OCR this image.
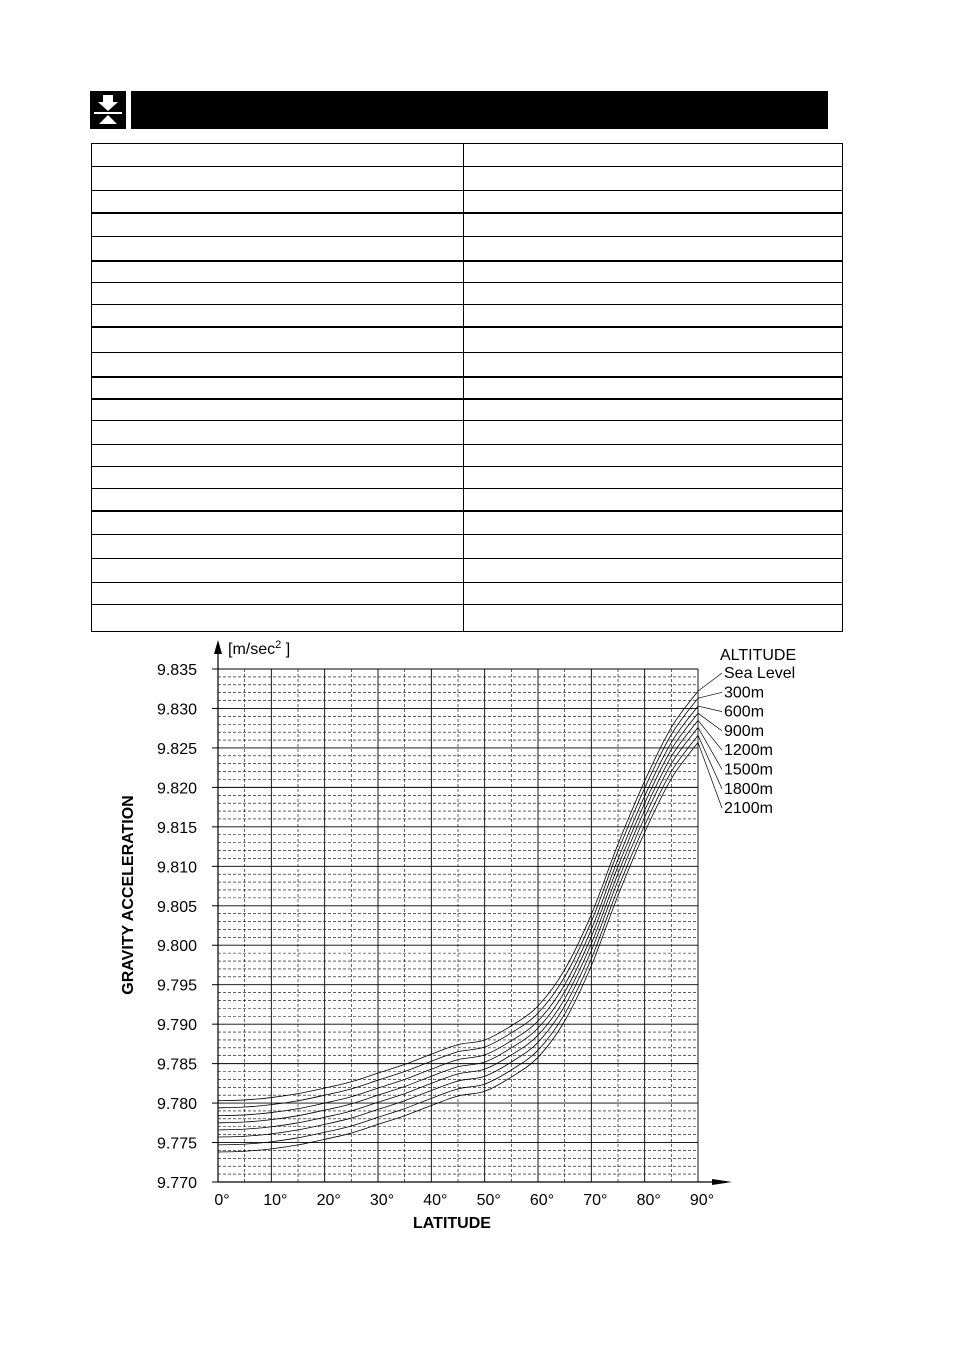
9.835
9.830
9.825
9.820
9.815
9.810
9.805
9.800
9.795
9.790
9.785
9.780
9.775
9.770
0° 10° 20° 30° 40° 50° 60° 70° 80° 90°
Sea Level
300m
600m
900m
1200m
1500m
1800m
2100m
[$m/\sec^2$ ]
LATITUDE
GRAVITY ACCELERATION
ALTITUDE
